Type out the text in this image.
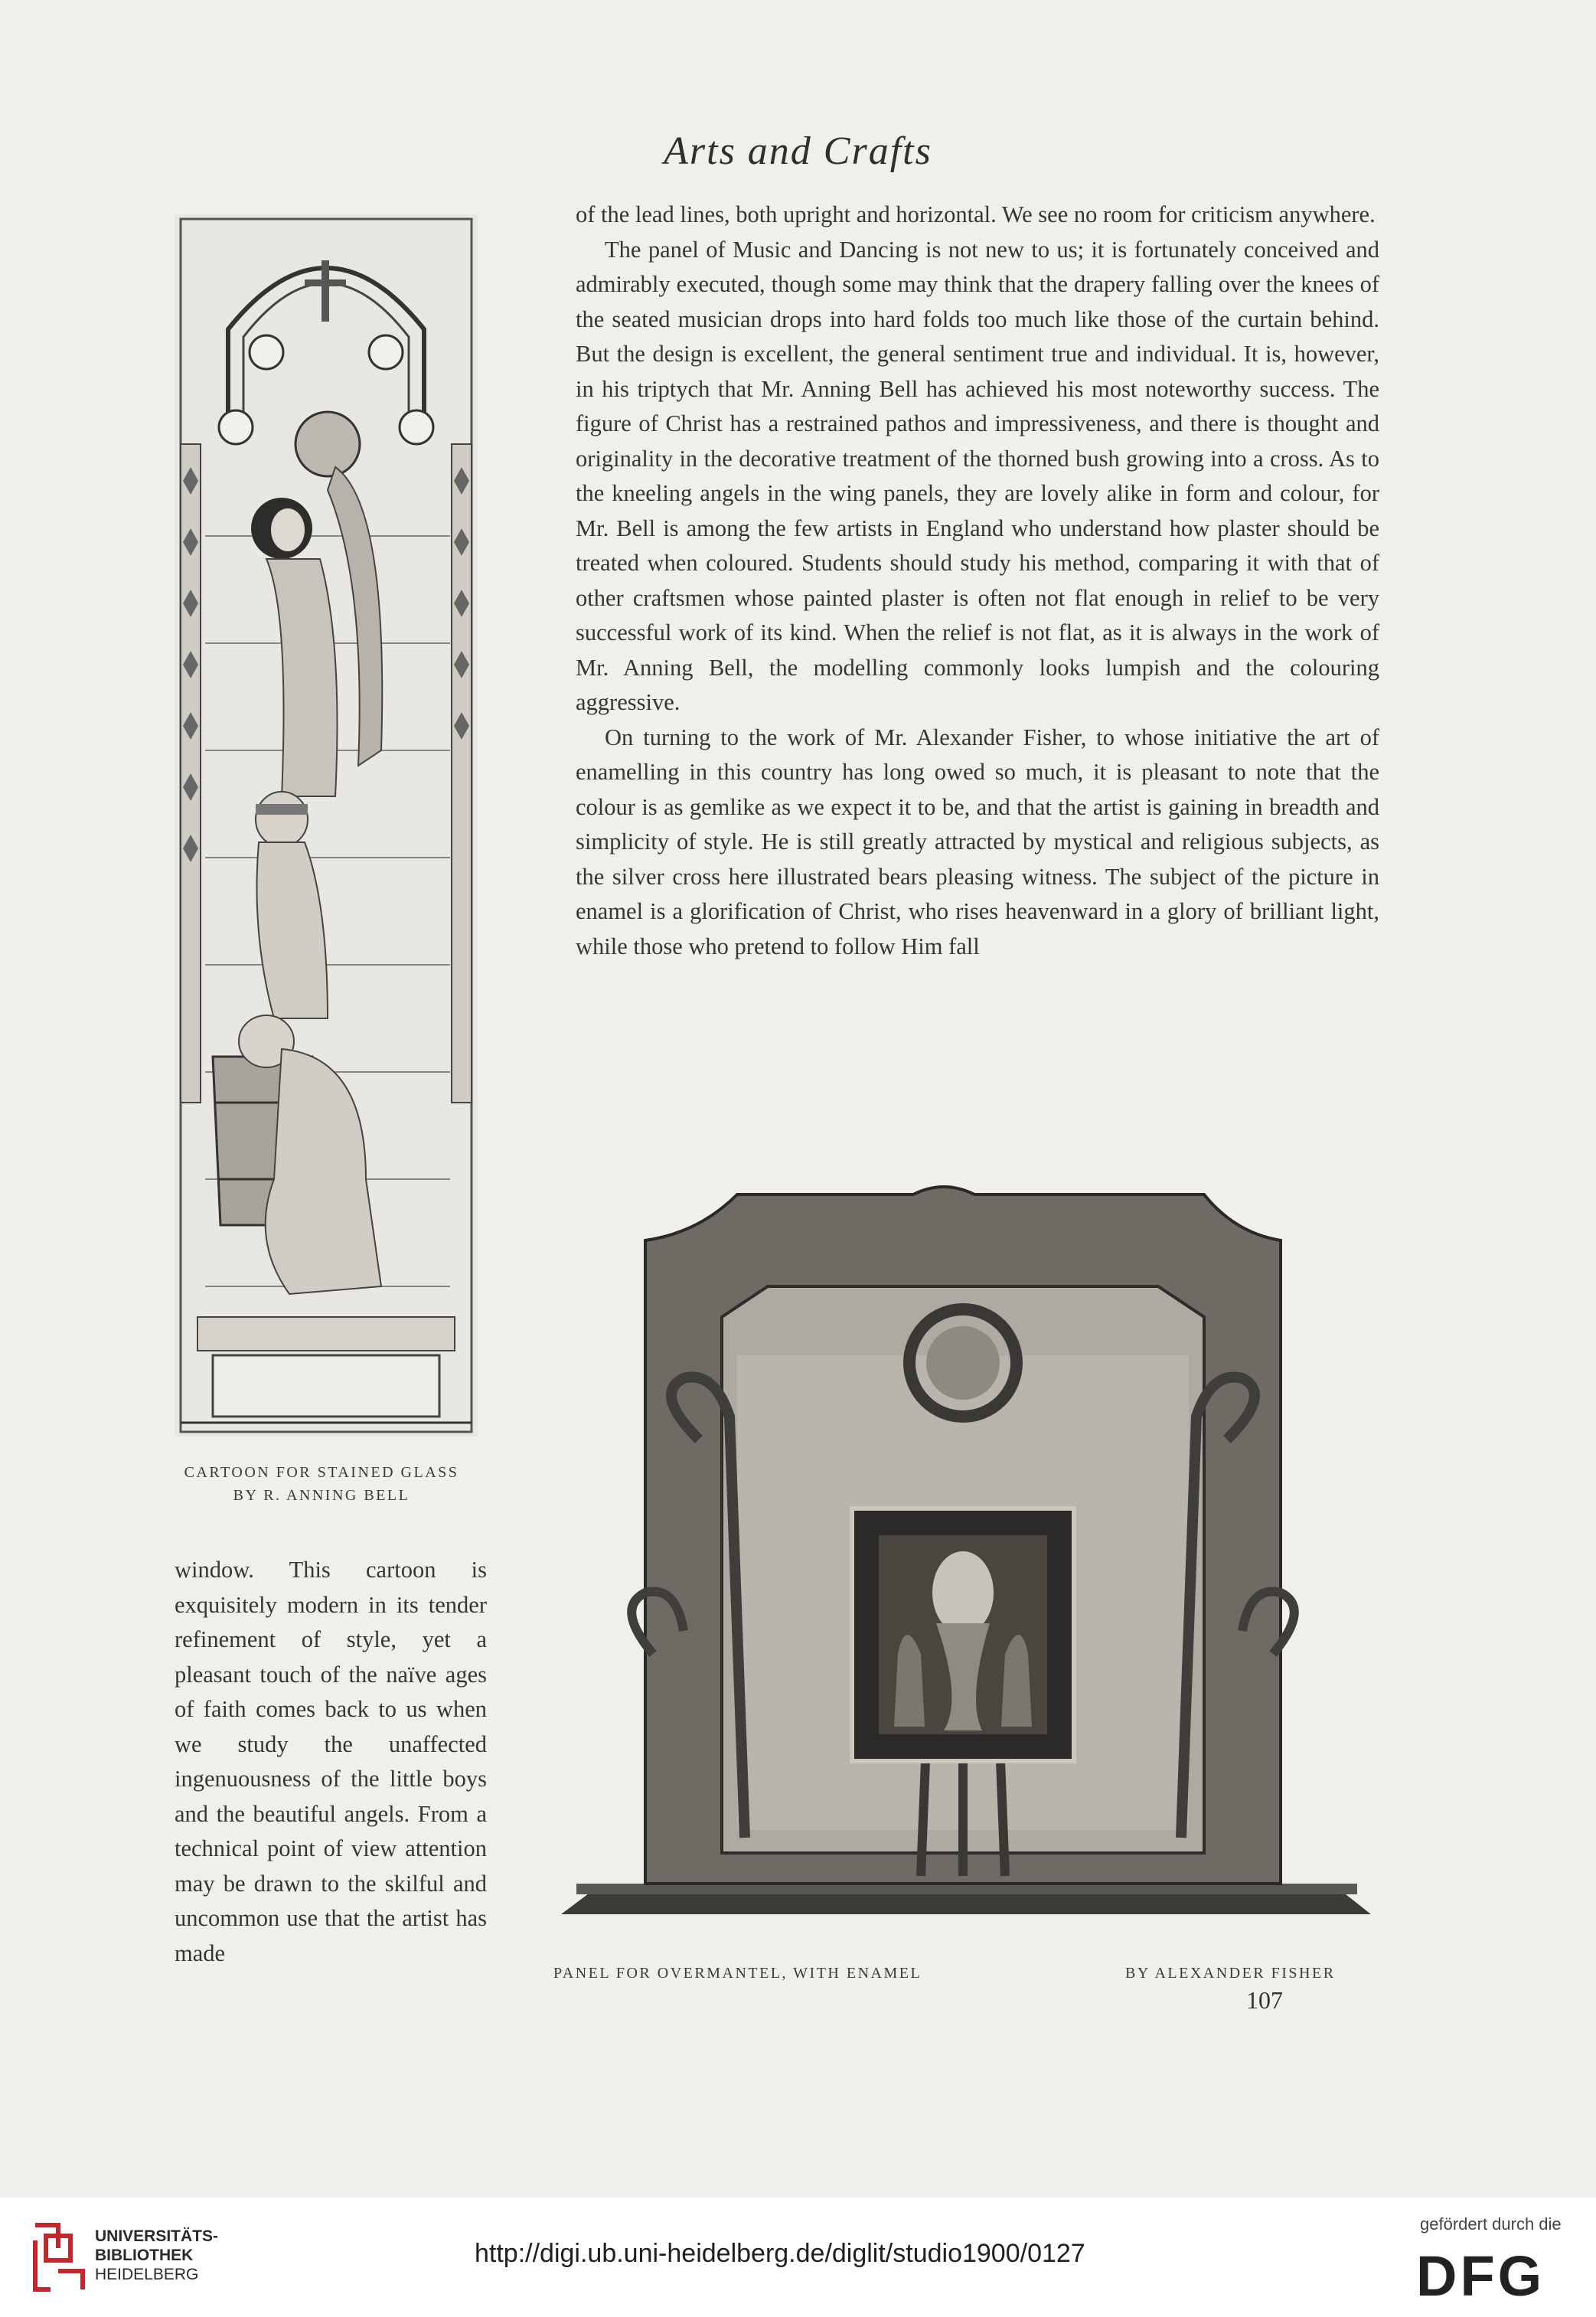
Arts and Crafts
CARTOON FOR STAINED GLASS
BY R. ANNING BELL

window. This cartoon is exquisitely modern in its tender refinement of style, yet a pleasant touch of the naïve ages of faith comes back to us when we study the unaffected ingenuousness of the little boys and the beautiful angels. From a technical point of view attention may be drawn to the skilful and uncommon use that the artist has made

of the lead lines, both upright and horizontal. We see no room for criticism anywhere.

The panel of Music and Dancing is not new to us; it is fortunately conceived and admirably executed, though some may think that the drapery falling over the knees of the seated musician drops into hard folds too much like those of the curtain behind. But the design is excellent, the general sentiment true and individual. It is, however, in his triptych that Mr. Anning Bell has achieved his most noteworthy success. The figure of Christ has a restrained pathos and impressiveness, and there is thought and originality in the decorative treatment of the thorned bush growing into a cross. As to the kneeling angels in the wing panels, they are lovely alike in form and colour, for Mr. Bell is among the few artists in England who understand how plaster should be treated when coloured. Students should study his method, comparing it with that of other craftsmen whose painted plaster is often not flat enough in relief to be very successful work of its kind. When the relief is not flat, as it is always in the work of Mr. Anning Bell, the modelling commonly looks lumpish and the colouring aggressive.

On turning to the work of Mr. Alexander Fisher, to whose initiative the art of enamelling in this country has long owed so much, it is pleasant to note that the colour is as gemlike as we expect it to be, and that the artist is gaining in breadth and simplicity of style. He is still greatly attracted by mystical and religious subjects, as the silver cross here illustrated bears pleasing witness. The subject of the picture in enamel is a glorification of Christ, who rises heavenward in a glory of brilliant light, while those who pretend to follow Him fall

PANEL FOR OVERMANTEL, WITH ENAMEL	BY ALEXANDER FISHER
107
UNIVERSITÄTS-
BIBLIOTHEK
HEIDELBERG
http://digi.ub.uni-heidelberg.de/diglit/studio1900/0127
gefördert durch die
DFG
